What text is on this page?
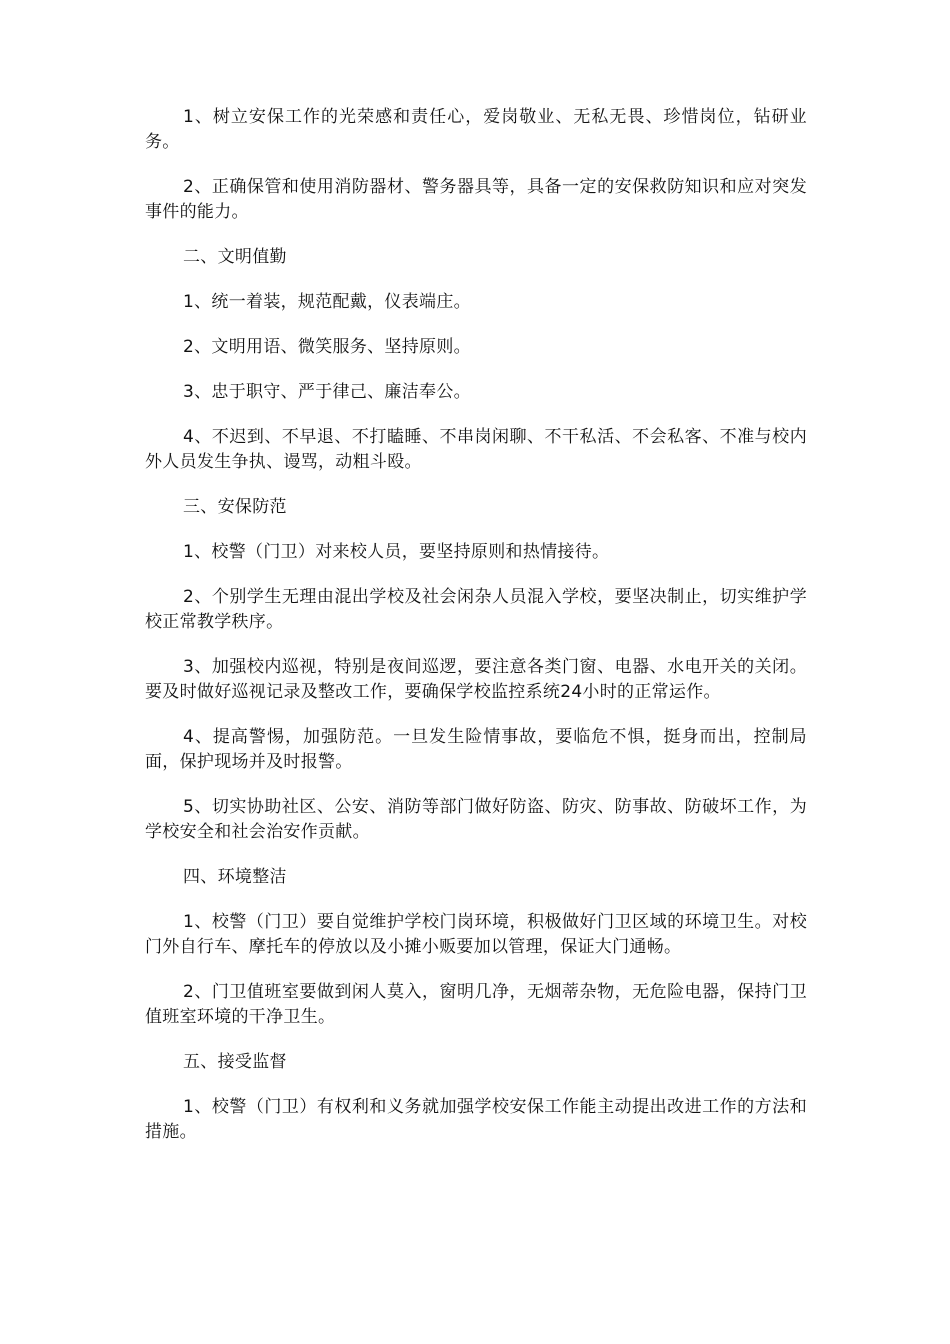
1、树立安保工作的光荣感和责任心，爱岗敬业、无私无畏、珍惜岗位，钻研业务。

2、正确保管和使用消防器材、警务器具等，具备一定的安保救防知识和应对突发事件的能力。

二、文明值勤

1、统一着装，规范配戴，仪表端庄。

2、文明用语、微笑服务、坚持原则。

3、忠于职守、严于律己、廉洁奉公。

4、不迟到、不早退、不打瞌睡、不串岗闲聊、不干私活、不会私客、不准与校内外人员发生争执、谩骂，动粗斗殴。

三、安保防范

1、校警（门卫）对来校人员，要坚持原则和热情接待。

2、个别学生无理由混出学校及社会闲杂人员混入学校，要坚决制止，切实维护学校正常教学秩序。

3、加强校内巡视，特别是夜间巡逻，要注意各类门窗、电器、水电开关的关闭。要及时做好巡视记录及整改工作，要确保学校监控系统24小时的正常运作。

4、提高警惕，加强防范。一旦发生险情事故，要临危不惧，挺身而出，控制局面，保护现场并及时报警。

5、切实协助社区、公安、消防等部门做好防盗、防灾、防事故、防破坏工作，为学校安全和社会治安作贡献。

四、环境整洁

1、校警（门卫）要自觉维护学校门岗环境，积极做好门卫区域的环境卫生。对校门外自行车、摩托车的停放以及小摊小贩要加以管理，保证大门通畅。

2、门卫值班室要做到闲人莫入，窗明几净，无烟蒂杂物，无危险电器，保持门卫值班室环境的干净卫生。

五、接受监督

1、校警（门卫）有权利和义务就加强学校安保工作能主动提出改进工作的方法和措施。
